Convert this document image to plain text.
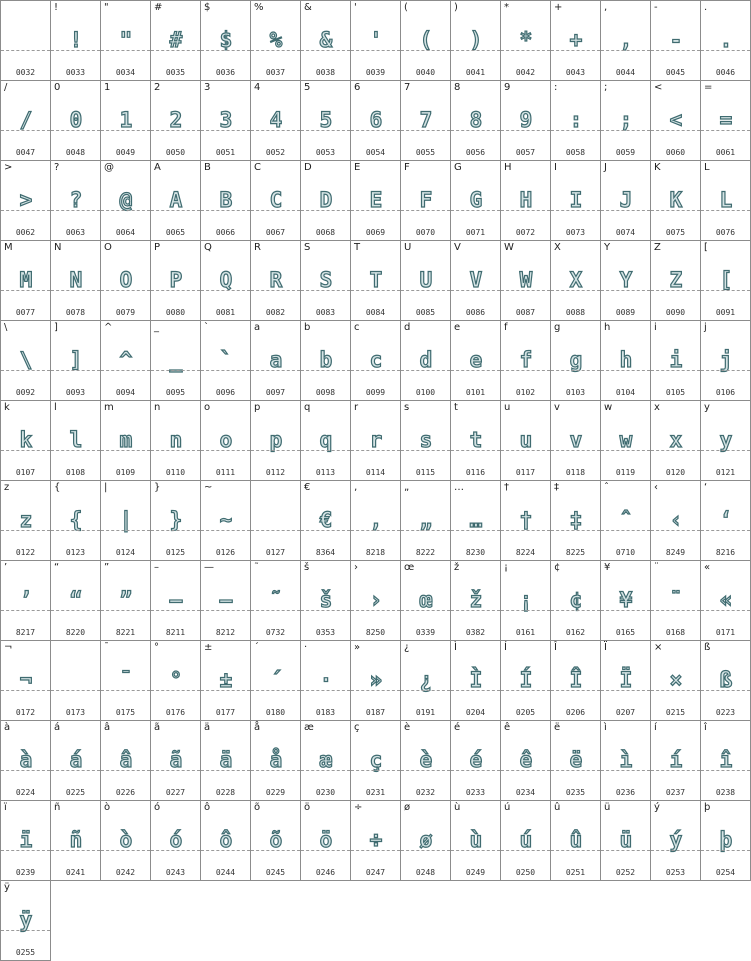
0032
!
!
0033
"
"
0034
#
#
0035
$
$
0036
%
%
0037
&
&
0038
'
'
0039
(
(
0040
)
)
0041
*
*
0042
+
+
0043
,
,
0044
-
-
0045
.
.
0046
/
/
0047
0
0
0048
1
1
0049
2
2
0050
3
3
0051
4
4
0052
5
5
0053
6
6
0054
7
7
0055
8
8
0056
9
9
0057
:
:
0058
;
;
0059
<
<
0060
=
=
0061
>
>
0062
?
?
0063
@
@
0064
A
A
0065
B
B
0066
C
C
0067
D
D
0068
E
E
0069
F
F
0070
G
G
0071
H
H
0072
I
I
0073
J
J
0074
K
K
0075
L
L
0076
M
M
0077
N
N
0078
O
O
0079
P
P
0080
Q
Q
0081
R
R
0082
S
S
0083
T
T
0084
U
U
0085
V
V
0086
W
W
0087
X
X
0088
Y
Y
0089
Z
Z
0090
[
[
0091
\
\
0092
]
]
0093
^
^
0094
_
_
0095
`
`
0096
a
a
0097
b
b
0098
c
c
0099
d
d
0100
e
e
0101
f
f
0102
g
g
0103
h
h
0104
i
i
0105
j
j
0106
k
k
0107
l
l
0108
m
m
0109
n
n
0110
o
o
0111
p
p
0112
q
q
0113
r
r
0114
s
s
0115
t
t
0116
u
u
0117
v
v
0118
w
w
0119
x
x
0120
y
y
0121
z
z
0122
{
{
0123
|
|
0124
}
}
0125
~
~
0126	0127
€
€
8364
‚
‚
8218
„
„
8222
…
…
8230
†
†
8224
‡
‡
8225
ˆ
ˆ
0710
‹
‹
8249
‘
‘
8216
’
’
8217
“
“
8220
”
”
8221
–
–
8211
—
—
8212
˜
˜
0732
š
š
0353
›
›
8250
œ
œ
0339
ž
ž
0382
¡
¡
0161
¢
¢
0162
¥
¥
0165
¨
¨
0168
«
«
0171
¬
¬
0172	0173
¯
¯
0175
°
°
0176
±
±
0177
´
´
0180
·
·
0183
»
»
0187
¿
¿
0191
Ì
Ì
0204
Í
Í
0205
Î
Î
0206
Ï
Ï
0207
×
×
0215
ß
ß
0223
à
à
0224
á
á
0225
â
â
0226
ã
ã
0227
ä
ä
0228
å
å
0229
æ
æ
0230
ç
ç
0231
è
è
0232
é
é
0233
ê
ê
0234
ë
ë
0235
ì
ì
0236
í
í
0237
î
î
0238
ï
ï
0239
ñ
ñ
0241
ò
ò
0242
ó
ó
0243
ô
ô
0244
õ
õ
0245
ö
ö
0246
÷
÷
0247
ø
ø
0248
ù
ù
0249
ú
ú
0250
û
û
0251
ü
ü
0252
ý
ý
0253
þ
þ
0254
ÿ
ÿ
0255
